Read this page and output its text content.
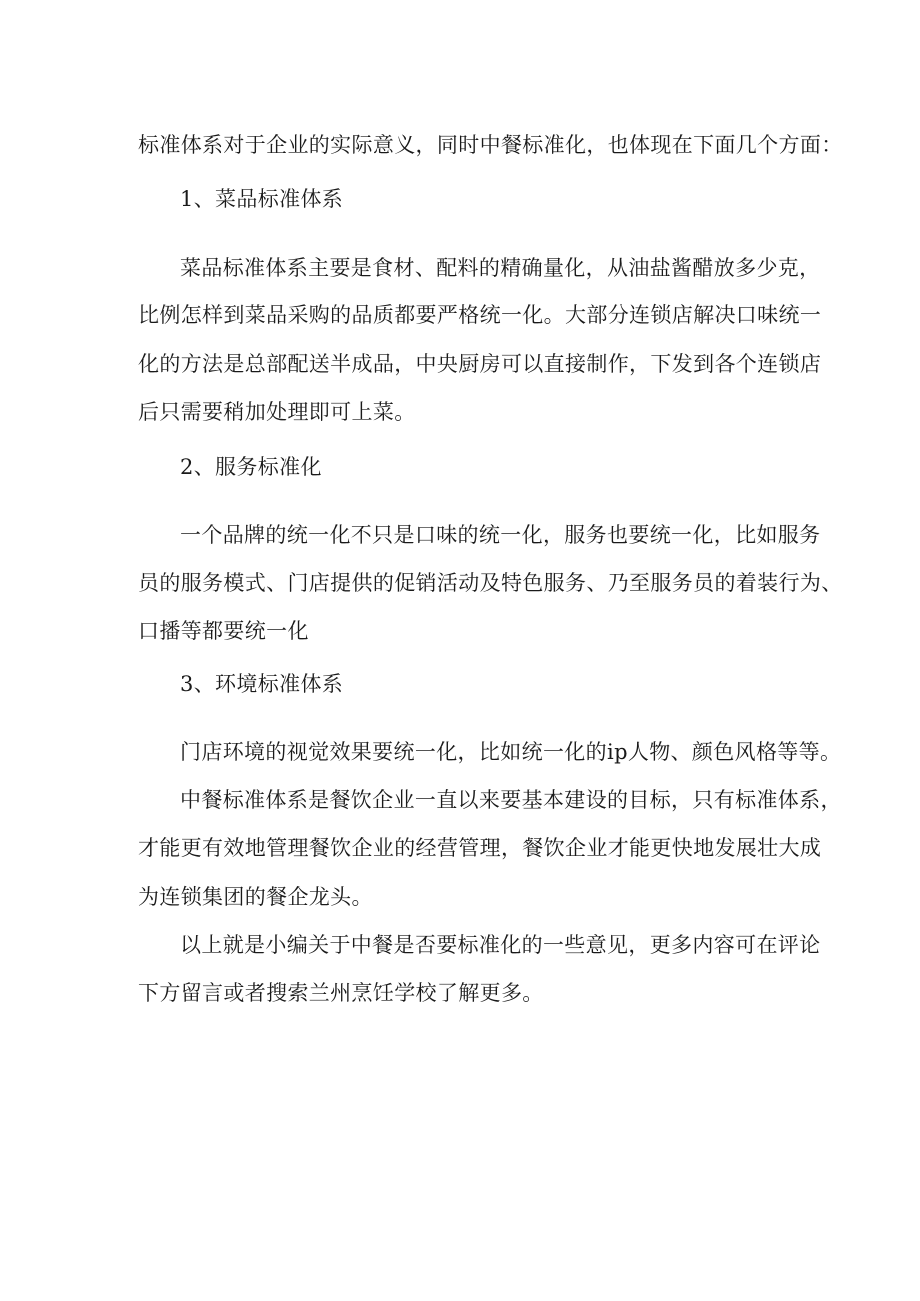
标准体系对于企业的实际意义，同时中餐标准化，也体现在下面几个方面：

1、菜品标准体系

菜品标准体系主要是食材、配料的精确量化，从油盐酱醋放多少克，

比例怎样到菜品采购的品质都要严格统一化。大部分连锁店解决口味统一

化的方法是总部配送半成品，中央厨房可以直接制作，下发到各个连锁店

后只需要稍加处理即可上菜。

2、服务标准化

一个品牌的统一化不只是口味的统一化，服务也要统一化，比如服务

员的服务模式、门店提供的促销活动及特色服务、乃至服务员的着装行为、

口播等都要统一化

3、环境标准体系

门店环境的视觉效果要统一化，比如统一化的ip人物、颜色风格等等。

中餐标准体系是餐饮企业一直以来要基本建设的目标，只有标准体系，

才能更有效地管理餐饮企业的经营管理，餐饮企业才能更快地发展壮大成

为连锁集团的餐企龙头。

以上就是小编关于中餐是否要标准化的一些意见，更多内容可在评论

下方留言或者搜索兰州烹饪学校了解更多。
